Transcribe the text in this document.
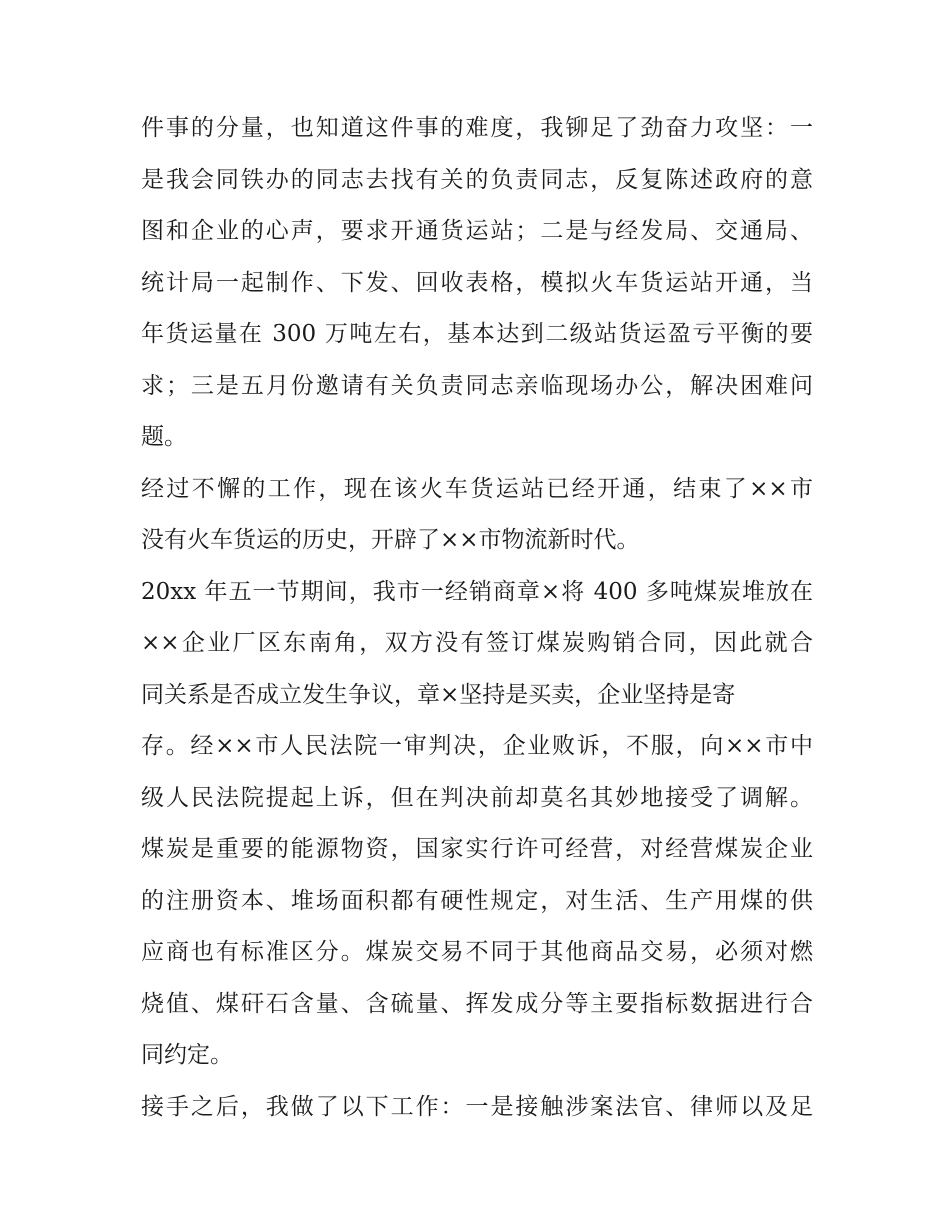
件事的分量，也知道这件事的难度，我铆足了劲奋力攻坚：一
是我会同铁办的同志去找有关的负责同志，反复陈述政府的意
图和企业的心声，要求开通货运站；二是与经发局、交通局、
统计局一起制作、下发、回收表格，模拟火车货运站开通，当
年货运量在 300 万吨左右，基本达到二级站货运盈亏平衡的要
求；三是五月份邀请有关负责同志亲临现场办公，解决困难问
题。
经过不懈的工作，现在该火车货运站已经开通，结束了××市
没有火车货运的历史，开辟了××市物流新时代。
20xx 年五一节期间，我市一经销商章×将 400 多吨煤炭堆放在
××企业厂区东南角，双方没有签订煤炭购销合同，因此就合
同关系是否成立发生争议，章×坚持是买卖，企业坚持是寄
存。经××市人民法院一审判决，企业败诉，不服，向××市中
级人民法院提起上诉，但在判决前却莫名其妙地接受了调解。
煤炭是重要的能源物资，国家实行许可经营，对经营煤炭企业
的注册资本、堆场面积都有硬性规定，对生活、生产用煤的供
应商也有标准区分。煤炭交易不同于其他商品交易，必须对燃
烧值、煤矸石含量、含硫量、挥发成分等主要指标数据进行合
同约定。
接手之后，我做了以下工作：一是接触涉案法官、律师以及足
